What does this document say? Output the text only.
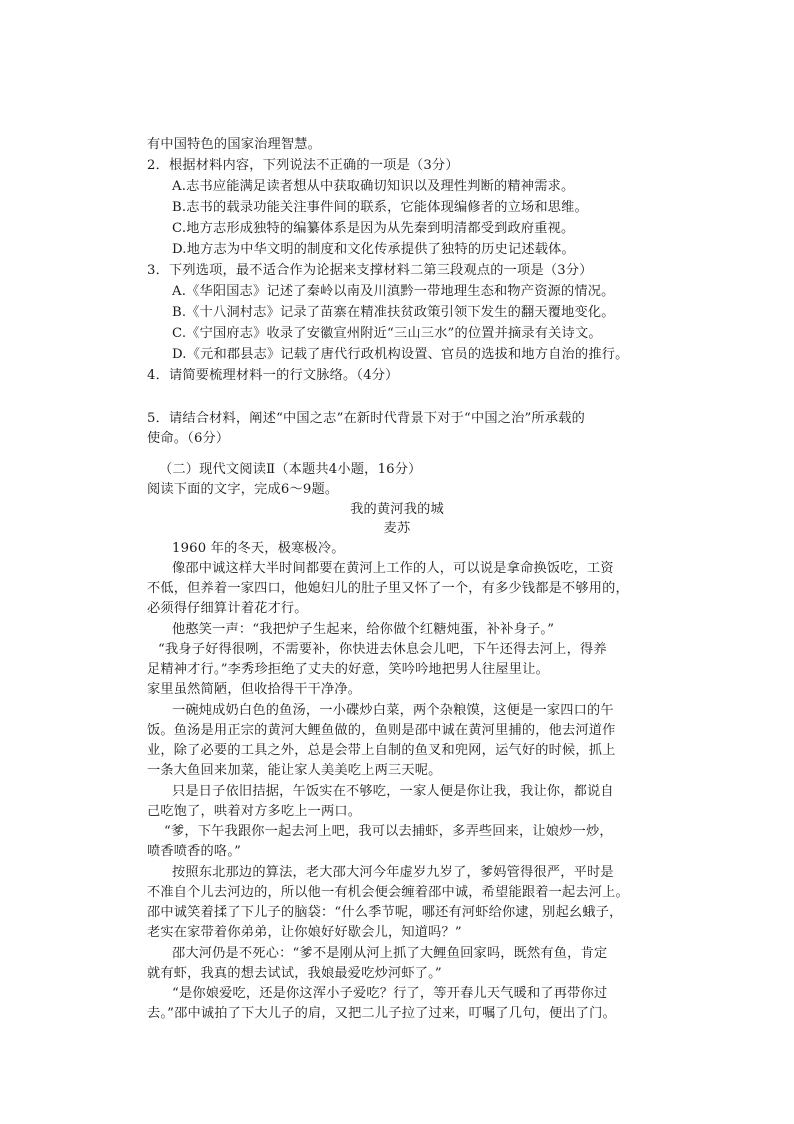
有中国特色的国家治理智慧。
2．根据材料内容，下列说法不正确的一项是（3分）
A.志书应能满足读者想从中获取确切知识以及理性判断的精神需求。
B.志书的载录功能关注事件间的联系，它能体现编修者的立场和思维。
C.地方志形成独特的编纂体系是因为从先秦到明清都受到政府重视。
D.地方志为中华文明的制度和文化传承提供了独特的历史记述载体。
3．下列选项，最不适合作为论据来支撑材料二第三段观点的一项是（3分）
A.《华阳国志》记述了秦岭以南及川滇黔一带地理生态和物产资源的情况。
B.《十八洞村志》记录了苗寨在精准扶贫政策引领下发生的翻天覆地变化。
C.《宁国府志》收录了安徽宣州附近“三山三水”的位置并摘录有关诗文。
D.《元和郡县志》记载了唐代行政机构设置、官员的选拔和地方自治的推行。
4．请简要梳理材料一的行文脉络。（4分）
5．请结合材料，阐述“中国之志”在新时代背景下对于“中国之治”所承载的
使命。（6分）
（二）现代文阅读Ⅱ（本题共4小题，16分）
阅读下面的文字，完成6～9题。
我的黄河我的城
麦苏
1960 年的冬天，极寒极冷。
像邵中诚这样大半时间都要在黄河上工作的人，可以说是拿命换饭吃，工资
不低，但养着一家四口，他媳妇儿的肚子里又怀了一个，有多少钱都是不够用的，
必须得仔细算计着花才行。
他憨笑一声：“我把炉子生起来，给你做个红糖炖蛋，补补身子。”
“我身子好得很咧，不需要补，你快进去休息会儿吧，下午还得去河上，得养
足精神才行。”李秀珍拒绝了丈夫的好意，笑吟吟地把男人往屋里让。
家里虽然简陋，但收拾得干干净净。
一碗炖成奶白色的鱼汤，一小碟炒白菜，两个杂粮馍，这便是一家四口的午
饭。鱼汤是用正宗的黄河大鲤鱼做的，鱼则是邵中诚在黄河里捕的，他去河道作
业，除了必要的工具之外，总是会带上自制的鱼叉和兜网，运气好的时候，抓上
一条大鱼回来加菜，能让家人美美吃上两三天呢。
只是日子依旧拮据，午饭实在不够吃，一家人便是你让我，我让你，都说自
己吃饱了，哄着对方多吃上一两口。
“爹，下午我跟你一起去河上吧，我可以去捕虾，多弄些回来，让娘炒一炒，
喷香喷香的咯。”
按照东北那边的算法，老大邵大河今年虚岁九岁了，爹妈管得很严，平时是
不准自个儿去河边的，所以他一有机会便会缠着邵中诚，希望能跟着一起去河上。
邵中诚笑着揉了下儿子的脑袋：“什么季节呢，哪还有河虾给你逮，别起幺蛾子，
老实在家带着你弟弟，让你娘好好歇会儿，知道吗？”
邵大河仍是不死心：“爹不是刚从河上抓了大鲤鱼回家吗，既然有鱼，肯定
就有虾，我真的想去试试，我娘最爱吃炒河虾了。”
“是你娘爱吃，还是你这浑小子爱吃？行了，等开春儿天气暖和了再带你过
去。”邵中诚拍了下大儿子的肩，又把二儿子拉了过来，叮嘱了几句，便出了门。
